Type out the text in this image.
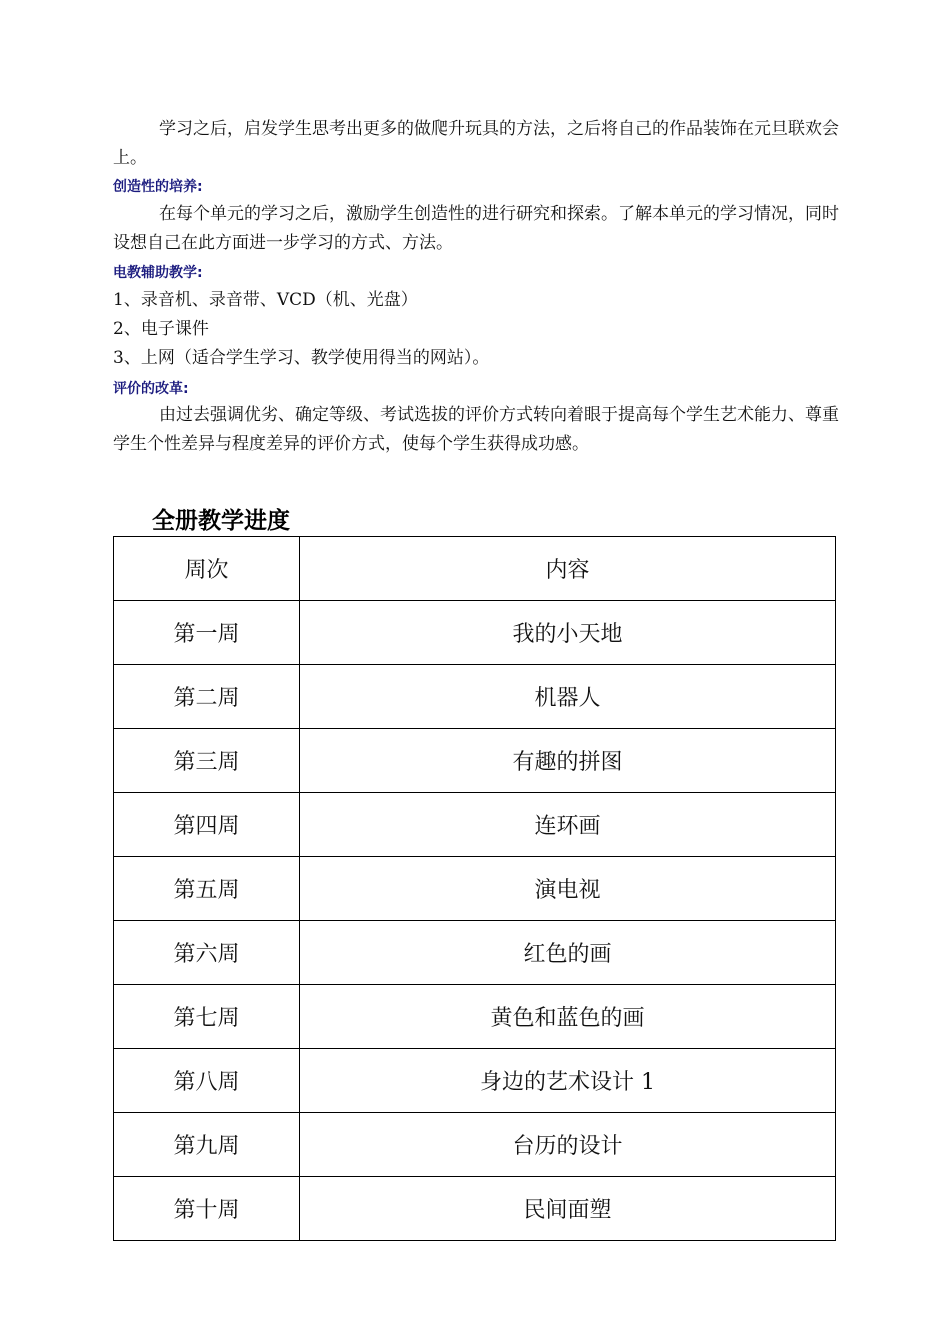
学习之后，启发学生思考出更多的做爬升玩具的方法，之后将自己的作品装饰在元旦联欢会上。

创造性的培养:

在每个单元的学习之后，激励学生创造性的进行研究和探索。了解本单元的学习情况，同时设想自己在此方面进一步学习的方式、方法。

电教辅助教学:

1、录音机、录音带、VCD（机、光盘）

2、电子课件

3、上网（适合学生学习、教学使用得当的网站）。

评价的改革:

由过去强调优劣、确定等级、考试选拔的评价方式转向着眼于提高每个学生艺术能力、尊重学生个性差异与程度差异的评价方式，使每个学生获得成功感。

全册教学进度

周次	内容
第一周	我的小天地
第二周	机器人
第三周	有趣的拼图
第四周	连环画
第五周	演电视
第六周	红色的画
第七周	黄色和蓝色的画
第八周	身边的艺术设计 1
第九周	台历的设计
第十周	民间面塑
